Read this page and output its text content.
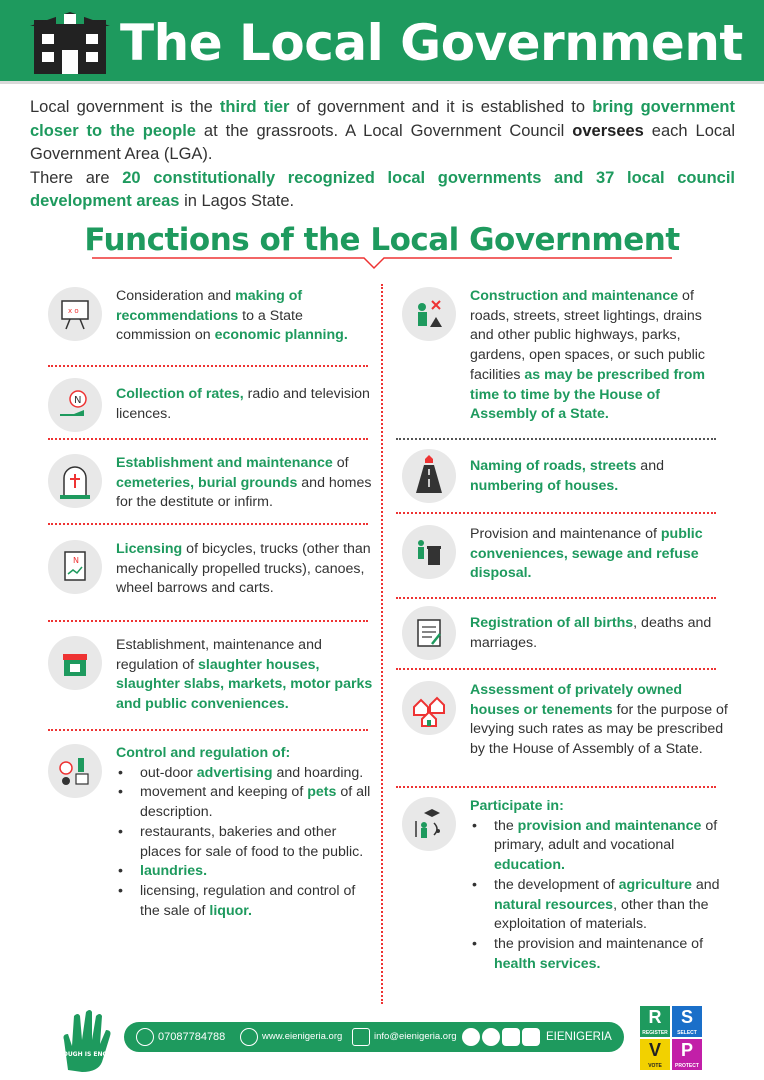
The Local Government

Local government is the third tier of government and it is established to bring government closer to the people at the grassroots. A Local Government Council oversees each Local Government Area (LGA).

There are 20 constitutionally recognized local governments and 37 local council development areas in Lagos State.

Functions of the Local Government
x o
Consideration and making of recommendations to a State commission on economic planning.
N Collection of rates, radio and television licences.
Establishment and maintenance of cemeteries, burial grounds and homes for the destitute or infirm.
N
Licensing of bicycles, trucks (other than mechanically propelled trucks), canoes, wheel barrows and carts.
Establishment, maintenance and regulation of slaughter houses, slaughter slabs, markets, motor parks and public conveniences.
Control and regulation of:
• out-door advertising and hoarding.
• movement and keeping of pets of all description.
• restaurants, bakeries and other places for sale of food to the public.
• laundries.
• licensing, regulation and control of the sale of liquor.
Construction and maintenance of roads, streets, street lightings, drains and other public highways, parks, gardens, open spaces, or such public facilities as may be prescribed from time to time by the House of Assembly of a State.
Naming of roads, streets and numbering of houses.
Provision and maintenance of public conveniences, sewage and refuse disposal.
Registration of all births, deaths and marriages.
Assessment of privately owned houses or tenements for the purpose of levying such rates as may be prescribed by the House of Assembly of a State.
Participate in:
• the provision and maintenance of primary, adult and vocational education.
• the development of agriculture and natural resources, other than the exploitation of materials.
• the provision and maintenance of health services.
ENOUGH IS ENOUGH
07087784788	www.eienigeria.org	info@eienigeria.org	EIENIGERIA
R
REGISTER
S
SELECT
V
VOTE
P
PROTECT
